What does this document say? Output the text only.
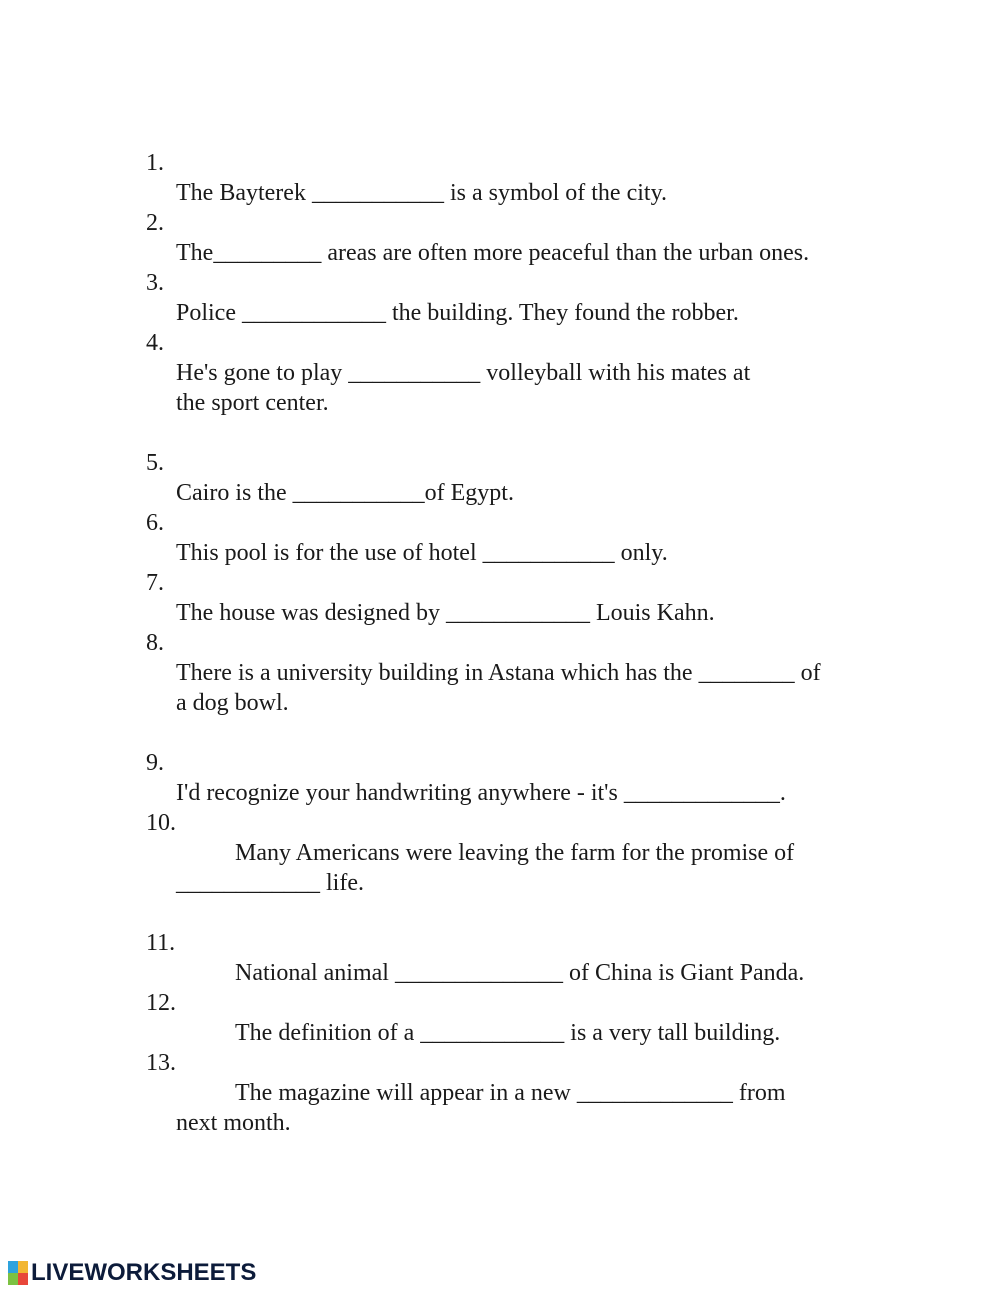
1.

The Bayterek ___________ is a symbol of the city.

2.

The_________ areas are often more peaceful than the urban ones.

3.

Police ____________ the building. They found the robber.

4.

He's gone to play ___________ volleyball with his mates at

the sport center.

5.

Cairo is the ___________of Egypt.

6.

This pool is for the use of hotel ___________ only.

7.

The house was designed by ____________ Louis Kahn.

8.

There is a university building in Astana which has the ________ of

a dog bowl.

9.

I'd recognize your handwriting anywhere - it's _____________.

10.

Many Americans were leaving the farm for the promise of

____________ life.

11.

National animal ______________ of China is Giant Panda.

12.

The definition of a ____________ is a very tall building.

13.

The magazine will appear in a new _____________ from

next month.

LIVEWORKSHEETS
